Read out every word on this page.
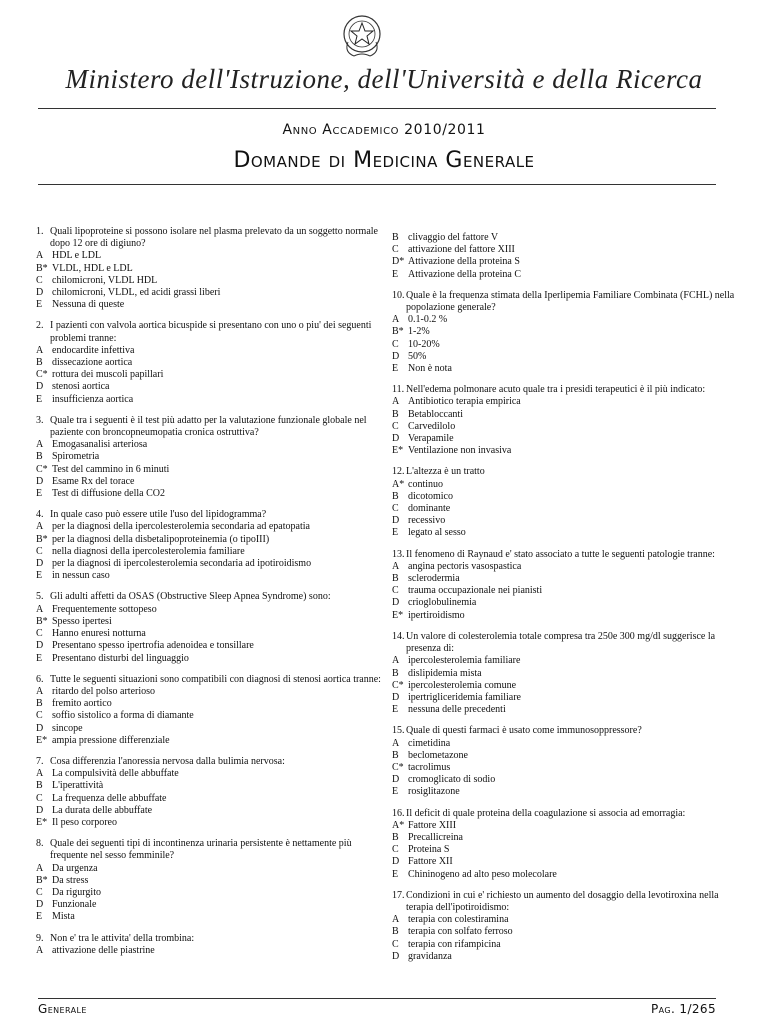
Ministero dell'Istruzione, dell'Università e della Ricerca
Anno Accademico 2010/2011
Domande di Medicina Generale
1. Quali lipoproteine si possono isolare nel plasma prelevato da un soggetto normale dopo 12 ore di digiuno?
A HDL e LDL
B* VLDL, HDL e LDL
C chilomicroni, VLDL HDL
D chilomicroni, VLDL, ed acidi grassi liberi
E Nessuna di queste
2. I pazienti con valvola aortica bicuspide si presentano con uno o piu' dei seguenti problemi tranne:
A endocardite infettiva
B dissecazione aortica
C* rottura dei muscoli papillari
D stenosi aortica
E insufficienza aortica
3. Quale tra i seguenti è il test più adatto per la valutazione funzionale globale nel paziente con broncopneumopatia cronica ostruttiva?
A Emogasanalisi arteriosa
B Spirometria
C* Test del cammino in 6 minuti
D Esame Rx del torace
E Test di diffusione della CO2
4. In quale caso può essere utile l'uso del lipidogramma?
A per la diagnosi della ipercolesterolemia secondaria ad epatopatia
B* per la diagnosi della disbetalipoproteinemia (o tipoIII)
C nella diagnosi della ipercolesterolemia familiare
D per la diagnosi di ipercolesterolemia secondaria ad ipotiroidismo
E in nessun caso
5. Gli adulti affetti da OSAS (Obstructive Sleep Apnea Syndrome) sono:
A Frequentemente sottopeso
B* Spesso ipertesi
C Hanno enuresi notturna
D Presentano spesso ipertrofia adenoidea e tonsillare
E Presentano disturbi del linguaggio
6. Tutte le seguenti situazioni sono compatibili con diagnosi di stenosi aortica tranne:
A ritardo del polso arterioso
B fremito aortico
C soffio sistolico a forma di diamante
D sincope
E* ampia pressione differenziale
7. Cosa differenzia l'anoressia nervosa dalla bulimia nervosa:
A La compulsività delle abbuffate
B L'iperattività
C La frequenza delle abbuffate
D La durata delle abbuffate
E* Il peso corporeo
8. Quale dei seguenti tipi di incontinenza urinaria persistente è nettamente più frequente nel sesso femminile?
A Da urgenza
B* Da stress
C Da rigurgito
D Funzionale
E Mista
9. Non e' tra le attivita' della trombina:
A attivazione delle piastrine
B clivaggio del fattore V
C attivazione del fattore XIII
D* Attivazione della proteina S
E Attivazione della proteina C
10. Quale è la frequenza stimata della Iperlipemia Familiare Combinata (FCHL) nella popolazione generale?
A 0.1-0.2 %
B* 1-2%
C 10-20%
D 50%
E Non è nota
11. Nell'edema polmonare acuto quale tra i presidi terapeutici è il più indicato:
A Antibiotico terapia empirica
B Betabloccanti
C Carvedilolo
D Verapamile
E* Ventilazione non invasiva
12. L'altezza è un tratto
A* continuo
B dicotomico
C dominante
D recessivo
E legato al sesso
13. Il fenomeno di Raynaud e' stato associato a tutte le seguenti patologie tranne:
A angina pectoris vasospastica
B sclerodermia
C trauma occupazionale nei pianisti
D crioglobulinemia
E* ipertiroidismo
14. Un valore di colesterolemia totale compresa tra 250e 300 mg/dl suggerisce la presenza di:
A ipercolesterolemia familiare
B dislipidemia mista
C* ipercolesterolemia comune
D ipertrigliceridemia familiare
E nessuna delle precedenti
15. Quale di questi farmaci è usato come immunosoppressore?
A cimetidina
B beclometazone
C* tacrolimus
D cromoglicato di sodio
E rosiglitazone
16. Il deficit di quale proteina della coagulazione si associa ad emorragia:
A* Fattore XIII
B Precallicreina
C Proteina S
D Fattore XII
E Chininogeno ad alto peso molecolare
17. Condizioni in cui e' richiesto un aumento del dosaggio della levotiroxina nella terapia dell'ipotiroidismo:
A terapia con colestiramina
B terapia con solfato ferroso
C terapia con rifampicina
D gravidanza
Generale	Pag. 1/265
